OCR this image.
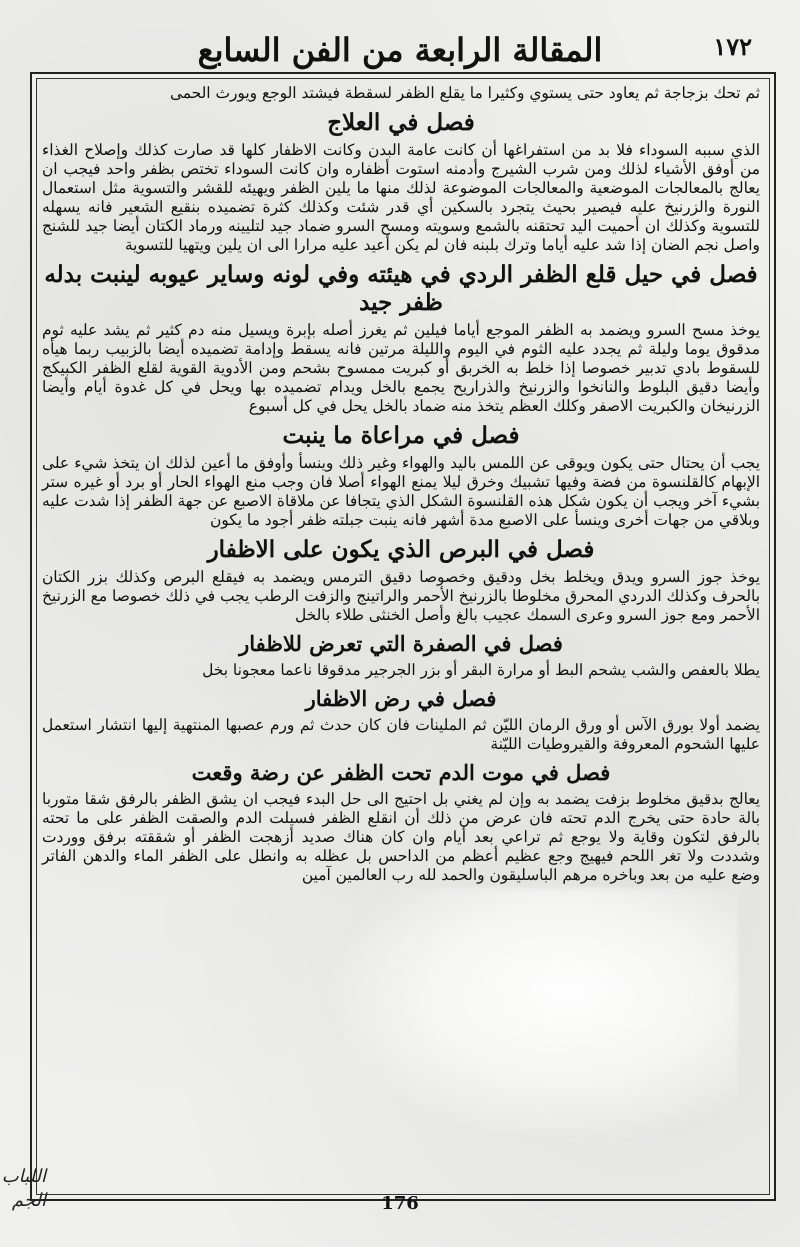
١٧٢
المقالة الرابعة من الفن السابع

ثم تحك بزجاجة ثم يعاود حتى يستوي وكثيرا ما يقلع الظفر لسقطة فيشتد الوجع ويورث الحمى

فصل في العلاج

الذي سببه السوداء فلا بد من استفراغها أن كانت عامة البدن وكانت الاظفار كلها قد صارت كذلك وإصلاح الغذاء من أوفق الأشياء لذلك ومن شرب الشيرج وأدمنه استوت أظفاره وان كانت السوداء تختص بظفر واحد فيجب ان يعالج بالمعالجات الموضعية والمعالجات الموضوعة لذلك منها ما يلين الظفر ويهيئه للقشر والتسوية مثل استعمال النورة والزرنيخ عليه فيصير بحيث يتجرد بالسكين أي قدر شئت وكذلك كثرة تضميده بنقيع الشعير فانه يسهله للتسوية وكذلك ان أحميت اليد تحتقنه بالشمع وسويته ومسح السرو ضماد جيد لتليينه ورماد الكتان أيضا جيد للشنج واصل نجم الضان إذا شد عليه أياما وترك بلبنه فان لم يكن أعيد عليه مرارا الى ان يلين ويتهيا للتسوية

فصل في حيل قلع الظفر الردي في هيئته وفي لونه وساير عيوبه لينبت بدله ظفر جيد

يوخذ مسح السرو ويضمد به الظفر الموجع أياما فيلين ثم يغرز أصله بإبرة ويسيل منه دم كثير ثم يشد عليه ثوم مدقوق يوما وليلة ثم يجدد عليه الثوم في اليوم والليلة مرتين فانه يسقط وإدامة تضميده أيضا بالزبيب ربما هيأه للسقوط بادي تدبير خصوصا إذا خلط به الخربق أو كبريت ممسوح بشحم ومن الأدوية القوية لقلع الظفر الكبيكج وأيضا دقيق البلوط والنانخوا والزرنيخ والذراريح يجمع بالخل ويدام تضميده بها ويحل في كل غدوة أيام وأيضا الزرنيخان والكبريت الاصفر وكلك العظم يتخذ منه ضماد بالخل يحل في كل أسبوع

فصل في مراعاة ما ينبت

يجب أن يحتال حتى يكون ويوقى عن اللمس باليد والهواء وغير ذلك وينسأ وأوفق ما أعين لذلك ان يتخذ شيء على الإبهام كالقلنسوة من فضة وفيها تشبيك وخرق ليلا يمنع الهواء أصلا فان وجب منع الهواء الحار أو برد أو غيره ستر بشيء آخر ويجب أن يكون شكل هذه القلنسوة الشكل الذي يتجافا عن ملاقاة الاصبع عن جهة الظفر إذا شدت عليه وبلاقي من جهات أخرى وينسأ على الاصبع مدة أشهر فانه ينبت جبلته ظفر أجود ما يكون

فصل في البرص الذي يكون على الاظفار

يوخذ جوز السرو ويدق ويخلط بخل ودقيق وخصوصا دقيق الترمس ويضمد به فيقلع البرص وكذلك بزر الكتان بالحرف وكذلك الدردي المحرق مخلوطا بالزرنيخ الأحمر والراتينج والزفت الرطب يجب في ذلك خصوصا مع الزرنيخ الأحمر ومع جوز السرو وعرى السمك عجيب بالغ وأصل الخنثى طلاء بالخل

فصل في الصفرة التي تعرض للاظفار

يطلا بالعفص والشب يشحم البط أو مرارة البقر أو بزر الجرجير مدقوقا ناعما معجونا بخل

فصل في رض الاظفار

يضمد أولا بورق الآس أو ورق الرمان الليّن ثم الملينات فان كان حدث ثم ورم عصبها المنتهية إليها انتشار استعمل عليها الشحوم المعروفة والقيروطيات الليّنة

فصل في موت الدم تحت الظفر عن رضة وقعت

يعالج بدقيق مخلوط بزفت يضمد به وإن لم يغني بل احتيج الى حل البدء فيجب ان يشق الظفر بالرفق شقا متوربا بالة حادة حتى يخرج الدم تحته فان عرض من ذلك أن انقلع الظفر فسيلت الدم والصقت الظفر على ما تحته بالرفق لتكون وقاية ولا يوجع ثم تراعي بعد أيام وان كان هناك صديد أزهجت الظفر أو شققته برفق ووردت وشددت ولا تغر اللحم فيهيج وجع عظيم أعظم من الداحس بل عظله به وانطل على الظفر الماء والدهن الفاتر وضع عليه من بعد وباخره مرهم الباسليقون والحمد لله رب العالمين آمين

176
اللباب الجم
